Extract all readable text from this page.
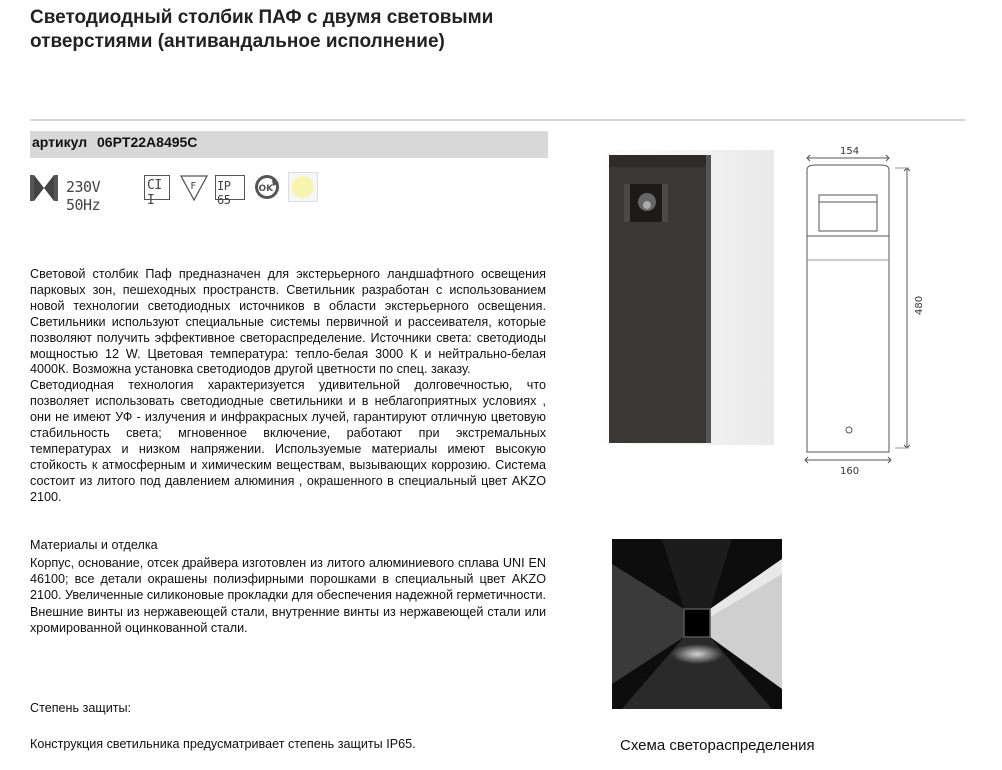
Светодиодный столбик ПАФ с двумя световыми
отверстиями (антивандальное исполнение)
артикул 06PT22A8495C
230V 50Hz
CI I
F IP 65
OK

Световой столбик Паф предназначен для экстерьерного ландшафтного освещения парковых зон, пешеходных пространств. Светильник разработан с использованием новой технологии светодиодных источников в области экстерьерного освещения. Светильники используют специальные системы первичной и рассеивателя, которые позволяют получить эффективное светораспределение. Источники света: светодиоды мощностью 12 W. Цветовая температура: тепло-белая 3000 К и нейтрально-белая 4000К. Возможна установка светодиодов другой цветности по спец. заказу.

Светодиодная технология характеризуется удивительной долговечностью, что позволяет использовать светодиодные светильники и в неблагоприятных условиях , они не имеют УФ - излучения и инфракрасных лучей, гарантируют отличную цветовую стабильность света; мгновенное включение, работают при экстремальных температурах и низком напряжении. Используемые материалы имеют высокую стойкость к атмосферным и химическим веществам, вызывающих коррозию. Система состоит из литого под давлением алюминия , окрашенного в специальный цвет AKZO 2100.

Материалы и отделка
Корпус, основание, отсек драйвера изготовлен из литого алюминиевого сплава UNI EN 46100; все детали окрашены полиэфирными порошками в специальный цвет AKZO 2100. Увеличенные силиконовые прокладки для обеспечения надежной герметичности. Внешние винты из нержавеющей стали, внутренние винты из нержавеющей стали или хромированной оцинкованной стали.
Степень защиты:
Конструкция светильника предусматривает степень защиты IP65.
154
480
160
Схема светораспределения
